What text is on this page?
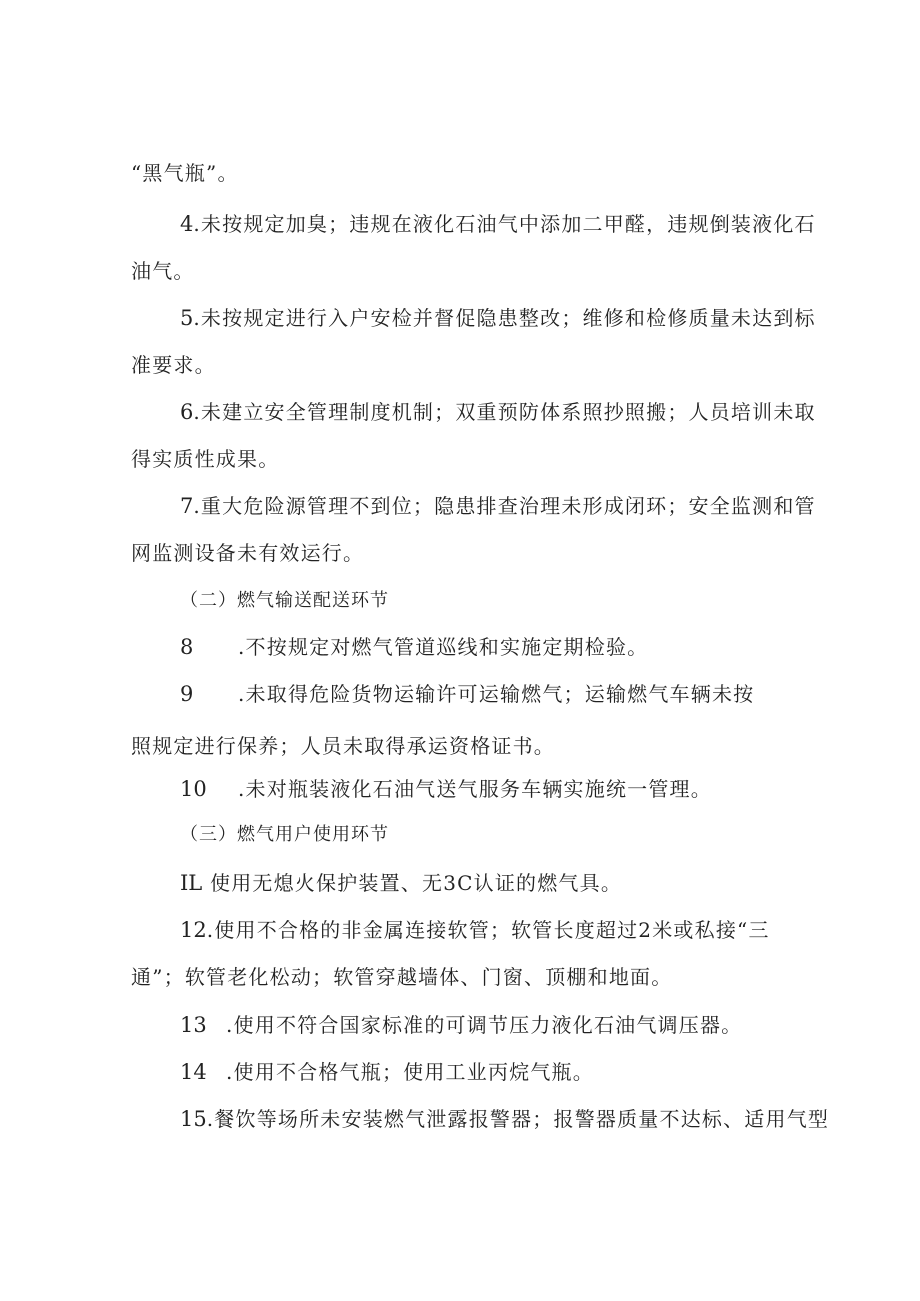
“黑气瓶”。
4.未按规定加臭；违规在液化石油气中添加二甲醛，违规倒装液化石
油气。
5.未按规定进行入户安检并督促隐患整改；维修和检修质量未达到标
准要求。
6.未建立安全管理制度机制；双重预防体系照抄照搬；人员培训未取
得实质性成果。
7.重大危险源管理不到位；隐患排查治理未形成闭环；安全监测和管
网监测设备未有效运行。
（二）燃气输送配送环节
8 .不按规定对燃气管道巡线和实施定期检验。
9 .未取得危险货物运输许可运输燃气；运输燃气车辆未按
照规定进行保养；人员未取得承运资格证书。
10 .未对瓶装液化石油气送气服务车辆实施统一管理。
（三）燃气用户使用环节
IL 使用无熄火保护装置、无3C认证的燃气具。
12.使用不合格的非金属连接软管；软管长度超过2米或私接“三
通”；软管老化松动；软管穿越墙体、门窗、顶棚和地面。
13 .使用不符合国家标准的可调节压力液化石油气调压器。
14 .使用不合格气瓶；使用工业丙烷气瓶。
15.餐饮等场所未安装燃气泄露报警器；报警器质量不达标、适用气型
